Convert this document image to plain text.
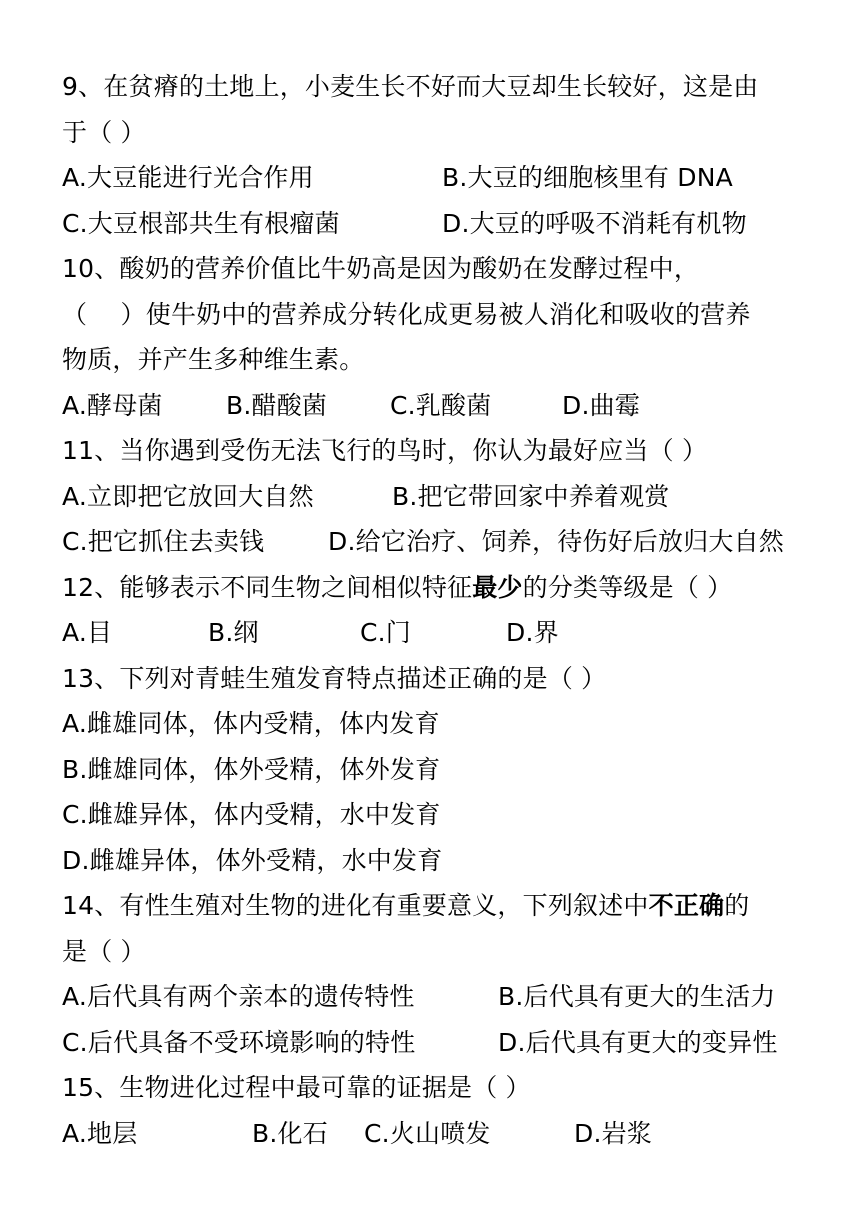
9、在贫瘠的土地上，小麦生长不好而大豆却生长较好，这是由
于（ ）
A.大豆能进行光合作用	B.大豆的细胞核里有 DNA
C.大豆根部共生有根瘤菌	D.大豆的呼吸不消耗有机物
10、酸奶的营养价值比牛奶高是因为酸奶在发酵过程中，
（　 ）使牛奶中的营养成分转化成更易被人消化和吸收的营养
物质，并产生多种维生素。
A.酵母菌	B.醋酸菌	C.乳酸菌	D.曲霉
11、当你遇到受伤无法飞行的鸟时，你认为最好应当（ ）
A.立即把它放回大自然	B.把它带回家中养着观赏
C.把它抓住去卖钱	D.给它治疗、饲养，待伤好后放归大自然
12、能够表示不同生物之间相似特征最少的分类等级是（ ）
A.目	B.纲	C.门	D.界
13、下列对青蛙生殖发育特点描述正确的是（ ）
A.雌雄同体，体内受精，体内发育
B.雌雄同体，体外受精，体外发育
C.雌雄异体，体内受精，水中发育
D.雌雄异体，体外受精，水中发育
14、有性生殖对生物的进化有重要意义，下列叙述中不正确的
是（ ）
A.后代具有两个亲本的遗传特性	B.后代具有更大的生活力
C.后代具备不受环境影响的特性	D.后代具有更大的变异性
15、生物进化过程中最可靠的证据是（ ）
A.地层	B.化石	C.火山喷发	D.岩浆
